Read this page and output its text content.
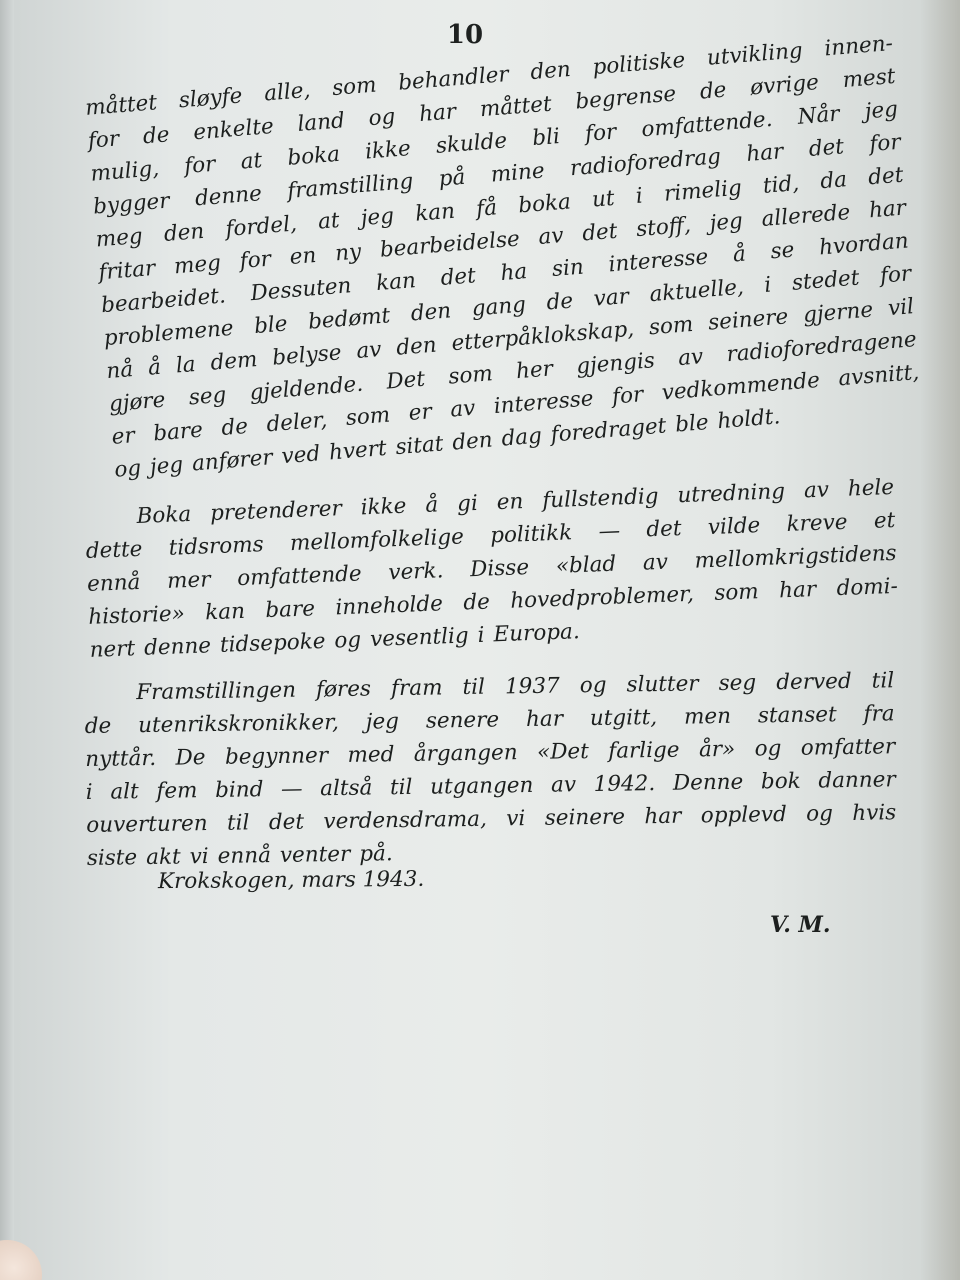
10
måttet sløyfe alle, som behandler den politiske utvikling innen-
for de enkelte land og har måttet begrense de øvrige mest
mulig, for at boka ikke skulde bli for omfattende. Når jeg
bygger denne framstilling på mine radioforedrag har det for
meg den fordel, at jeg kan få boka ut i rimelig tid, da det
fritar meg for en ny bearbeidelse av det stoff, jeg allerede har
bearbeidet. Dessuten kan det ha sin interesse å se hvordan
problemene ble bedømt den gang de var aktuelle, i stedet for
nå å la dem belyse av den etterpåklokskap, som seinere gjerne vil
gjøre seg gjeldende. Det som her gjengis av radioforedragene
er bare de deler, som er av interesse for vedkommende avsnitt,
og jeg anfører ved hvert sitat den dag foredraget ble holdt.
Boka pretenderer ikke å gi en fullstendig utredning av hele
dette tidsroms mellomfolkelige politikk — det vilde kreve et
ennå mer omfattende verk. Disse «blad av mellomkrigstidens
historie» kan bare inneholde de hovedproblemer, som har domi-
nert denne tidsepoke og vesentlig i Europa.
Framstillingen føres fram til 1937 og slutter seg derved til
de utenrikskronikker, jeg senere har utgitt, men stanset fra
nyttår. De begynner med årgangen «Det farlige år» og omfatter
i alt fem bind — altså til utgangen av 1942. Denne bok danner
ouverturen til det verdensdrama, vi seinere har opplevd og hvis
siste akt vi ennå venter på.
Krokskogen, mars 1943.
V. M.
